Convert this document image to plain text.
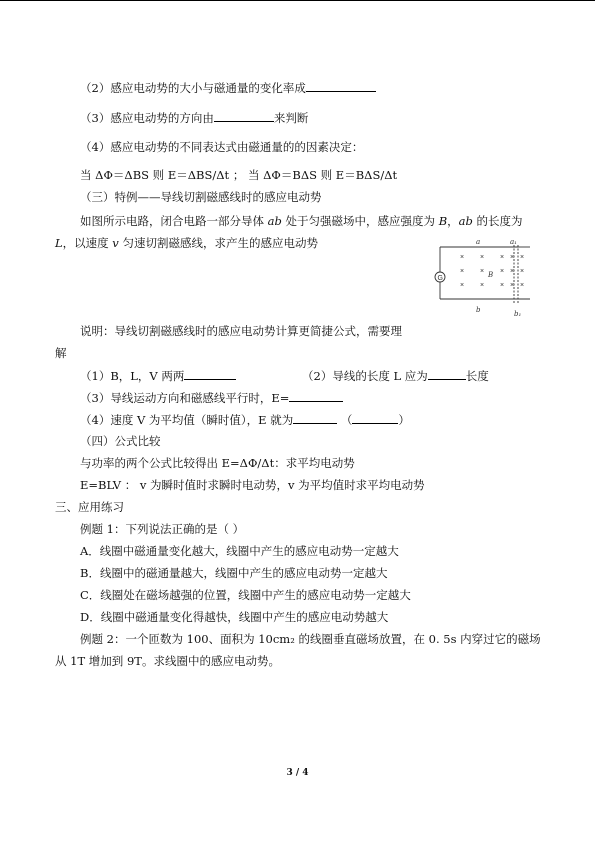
（2）感应电动势的大小与磁通量的变化率成
（3）感应电动势的方向由	来判断
（4）感应电动势的不同表达式由磁通量的的因素决定：
当 ΔΦ＝ΔBS 则 E＝ΔBS/Δt ； 当 ΔΦ＝BΔS 则 E＝BΔS/Δt
（三）特例——导线切割磁感线时的感应电动势
如图所示电路，闭合电路一部分导体 ab 处于匀强磁场中，感应强度为 B，ab 的长度为
L，以速度 v 匀速切割磁感线，求产生的感应电动势
G
× × × ×
× × × ×
× × × ×
×
×
×
B
a	a₁
b	b₁
说明：导线切割磁感线时的感应电动势计算更简捷公式，需要理
解
（1）B，L，V 两两	（2）导线的长度 L 应为	长度
（3）导线运动方向和磁感线平行时，E=
（4）速度 V 为平均值（瞬时值），E 就为	（	）
（四）公式比较
与功率的两个公式比较得出 E=ΔΦ/Δt：求平均电动势
E=BLV ： v 为瞬时值时求瞬时电动势，v 为平均值时求平均电动势
三、应用练习
例题 1：下列说法正确的是（ ）
A．线圈中磁通量变化越大，线圈中产生的感应电动势一定越大
B．线圈中的磁通量越大，线圈中产生的感应电动势一定越大
C．线圈处在磁场越强的位置，线圈中产生的感应电动势一定越大
D．线圈中磁通量变化得越快，线圈中产生的感应电动势越大
例题 2：一个匝数为 100、面积为 10cm₂ 的线圈垂直磁场放置，在 0. 5s 内穿过它的磁场
从 1T 增加到 9T。求线圈中的感应电动势。
3 / 4
